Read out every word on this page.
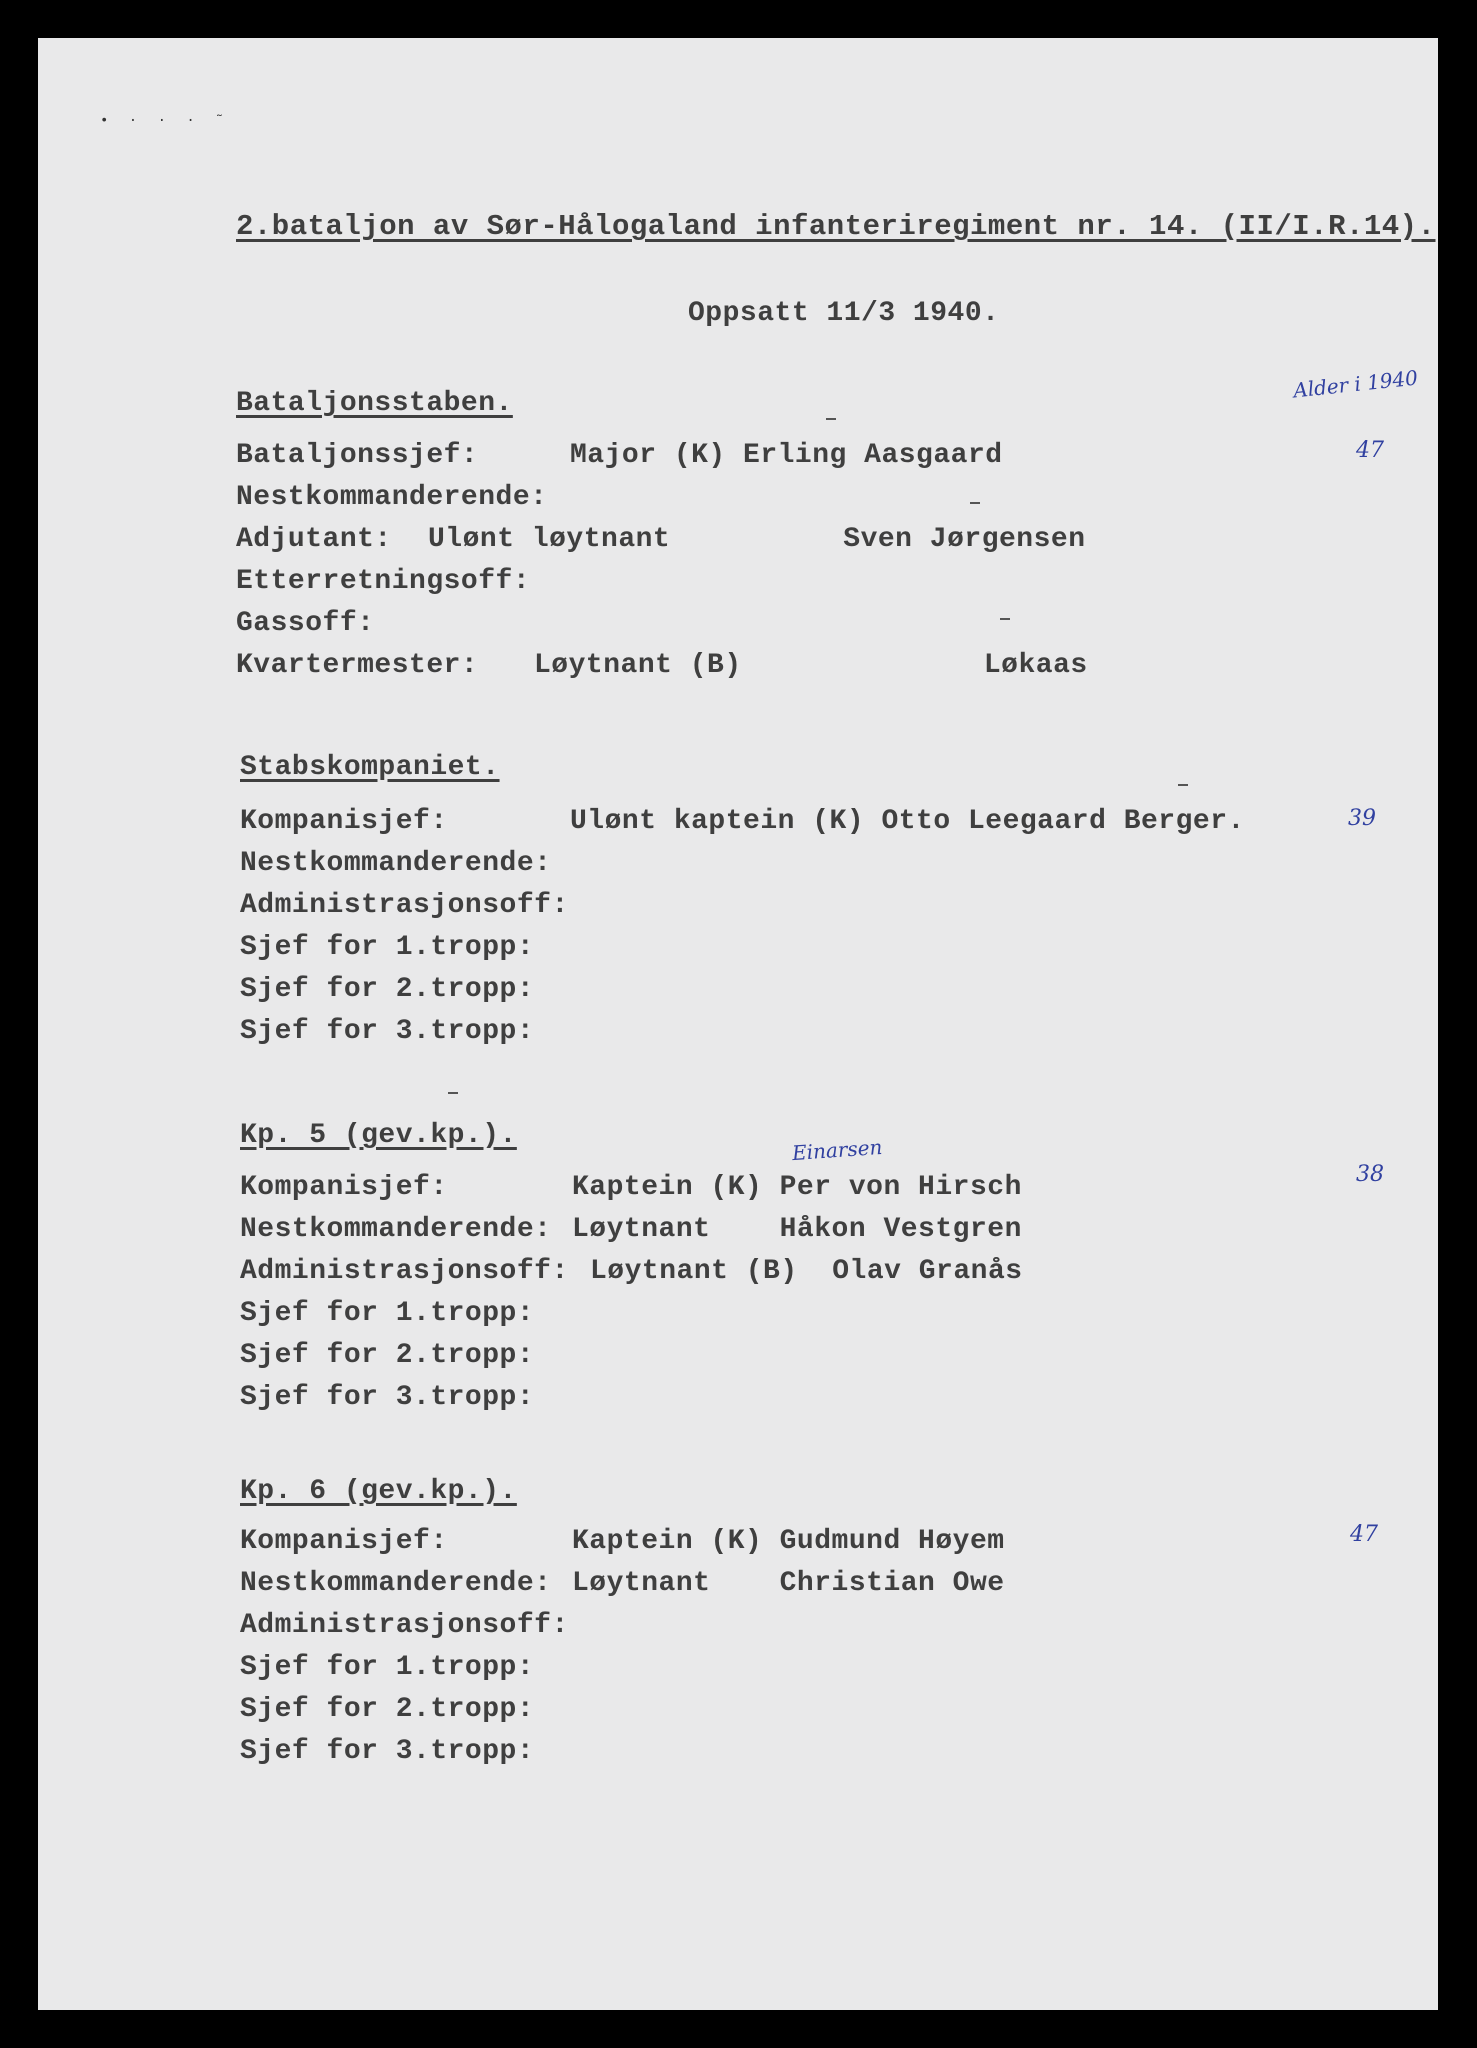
• · · · ˜
2.bataljon av Sør-Hålogaland infanteriregiment nr. 14. (II/I.R.14).
Oppsatt 11/3 1940.
Alder i 1940
Bataljonsstaben.
47
Bataljonssjef:	Major (K) Erling Aasgaard
Nestkommanderende:
Adjutant: Ulønt løytnant          Sven Jørgensen
Etterretningsoff:
Gassoff:
Kvartermester: Løytnant (B)              Løkaas
Stabskompaniet.
39
Kompanisjef:	Ulønt kaptein (K) Otto Leegaard Berger.
Nestkommanderende:
Administrasjonsoff:
Sjef for 1.tropp:
Sjef for 2.tropp:
Sjef for 3.tropp:
Kp. 5 (gev.kp.).	Einarsen
38
Kompanisjef:	Kaptein (K) Per von Hirsch
Nestkommanderende: Løytnant    Håkon Vestgren
Administrasjonsoff: Løytnant (B)  Olav Granås
Sjef for 1.tropp:
Sjef for 2.tropp:
Sjef for 3.tropp:
Kp. 6 (gev.kp.).
47
Kompanisjef:	Kaptein (K) Gudmund Høyem
Nestkommanderende: Løytnant    Christian Owe
Administrasjonsoff:
Sjef for 1.tropp:
Sjef for 2.tropp:
Sjef for 3.tropp:
